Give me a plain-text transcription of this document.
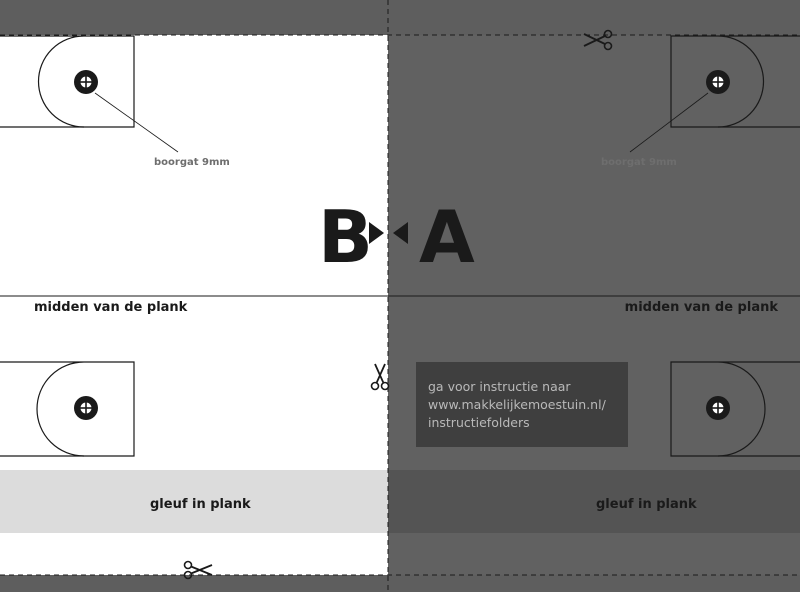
B A
boorgat 9mm	boorgat 9mm
midden van de plank	midden van de plank
gleuf in plank	gleuf in plank
ga voor instructie naar
www.makkelijkemoestuin.nl/
instructiefolders
